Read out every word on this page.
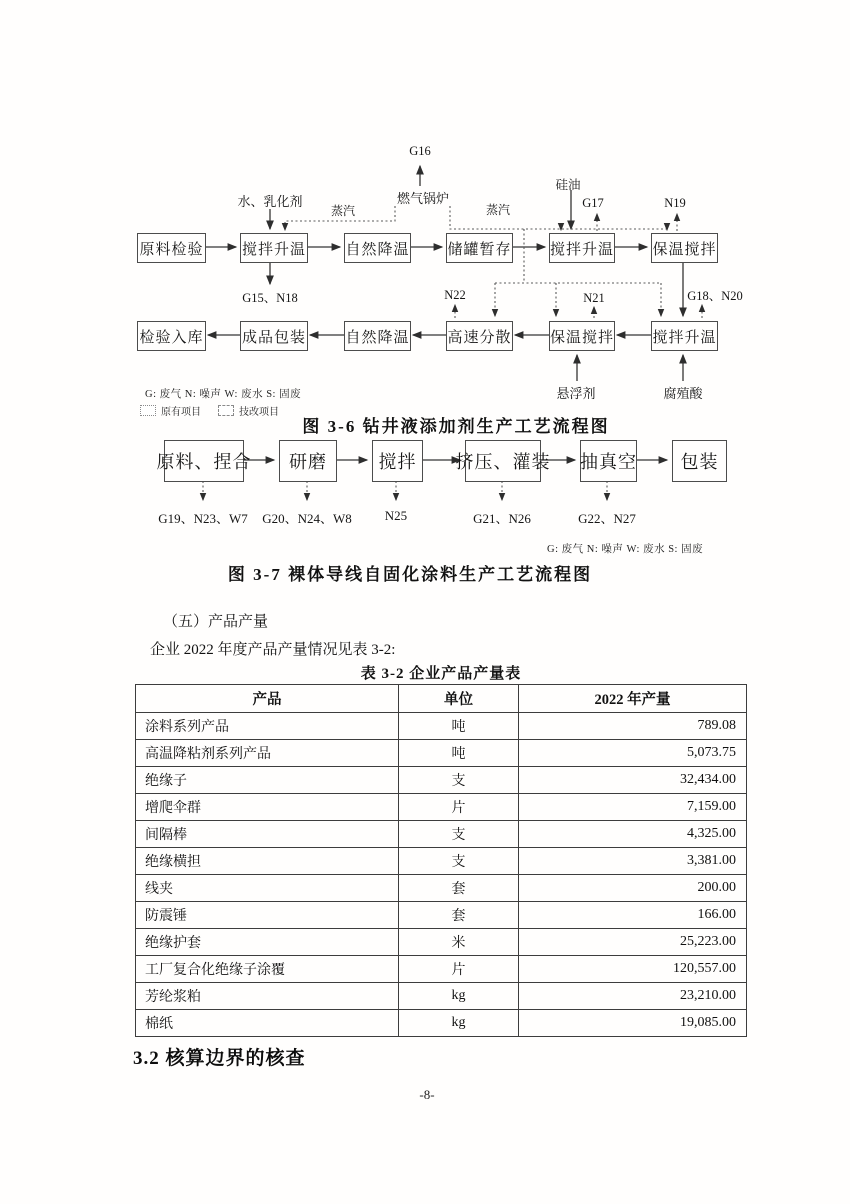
原料检验	搅拌升温	自然降温	储罐暂存	搅拌升温	保温搅拌
检验入库	成品包装	自然降温	高速分散	保温搅拌	搅拌升温
G16
燃气锅炉
水、乳化剂
蒸汽	蒸汽
硅油
G17	N19
G15、N18	N22	N21	G18、N20
悬浮剂	腐殖酸
G: 废气 N: 噪声 W: 废水 S: 固废
原有项目	技改项目
图 3-6 钻井液添加剂生产工艺流程图
原料、捏合	研磨	搅拌	挤压、灌装 抽真空	包装
G19、N23、W7	G20、N24、W8	N25	G21、N26	G22、N27
G: 废气 N: 噪声 W: 废水 S: 固废
图 3-7 裸体导线自固化涂料生产工艺流程图
（五）产品产量
企业 2022 年度产品产量情况见表 3-2:
表 3-2 企业产品产量表
产品	单位	2022 年产量
涂料系列产品	吨	789.08
高温降粘剂系列产品	吨	5,073.75
绝缘子	支	32,434.00
增爬伞群	片	7,159.00
间隔棒	支	4,325.00
绝缘横担	支	3,381.00
线夹	套	200.00
防震锤	套	166.00
绝缘护套	米	25,223.00
工厂复合化绝缘子涂覆	片	120,557.00
芳纶浆粕	kg	23,210.00
棉纸	kg	19,085.00
3.2 核算边界的核查
-8-
